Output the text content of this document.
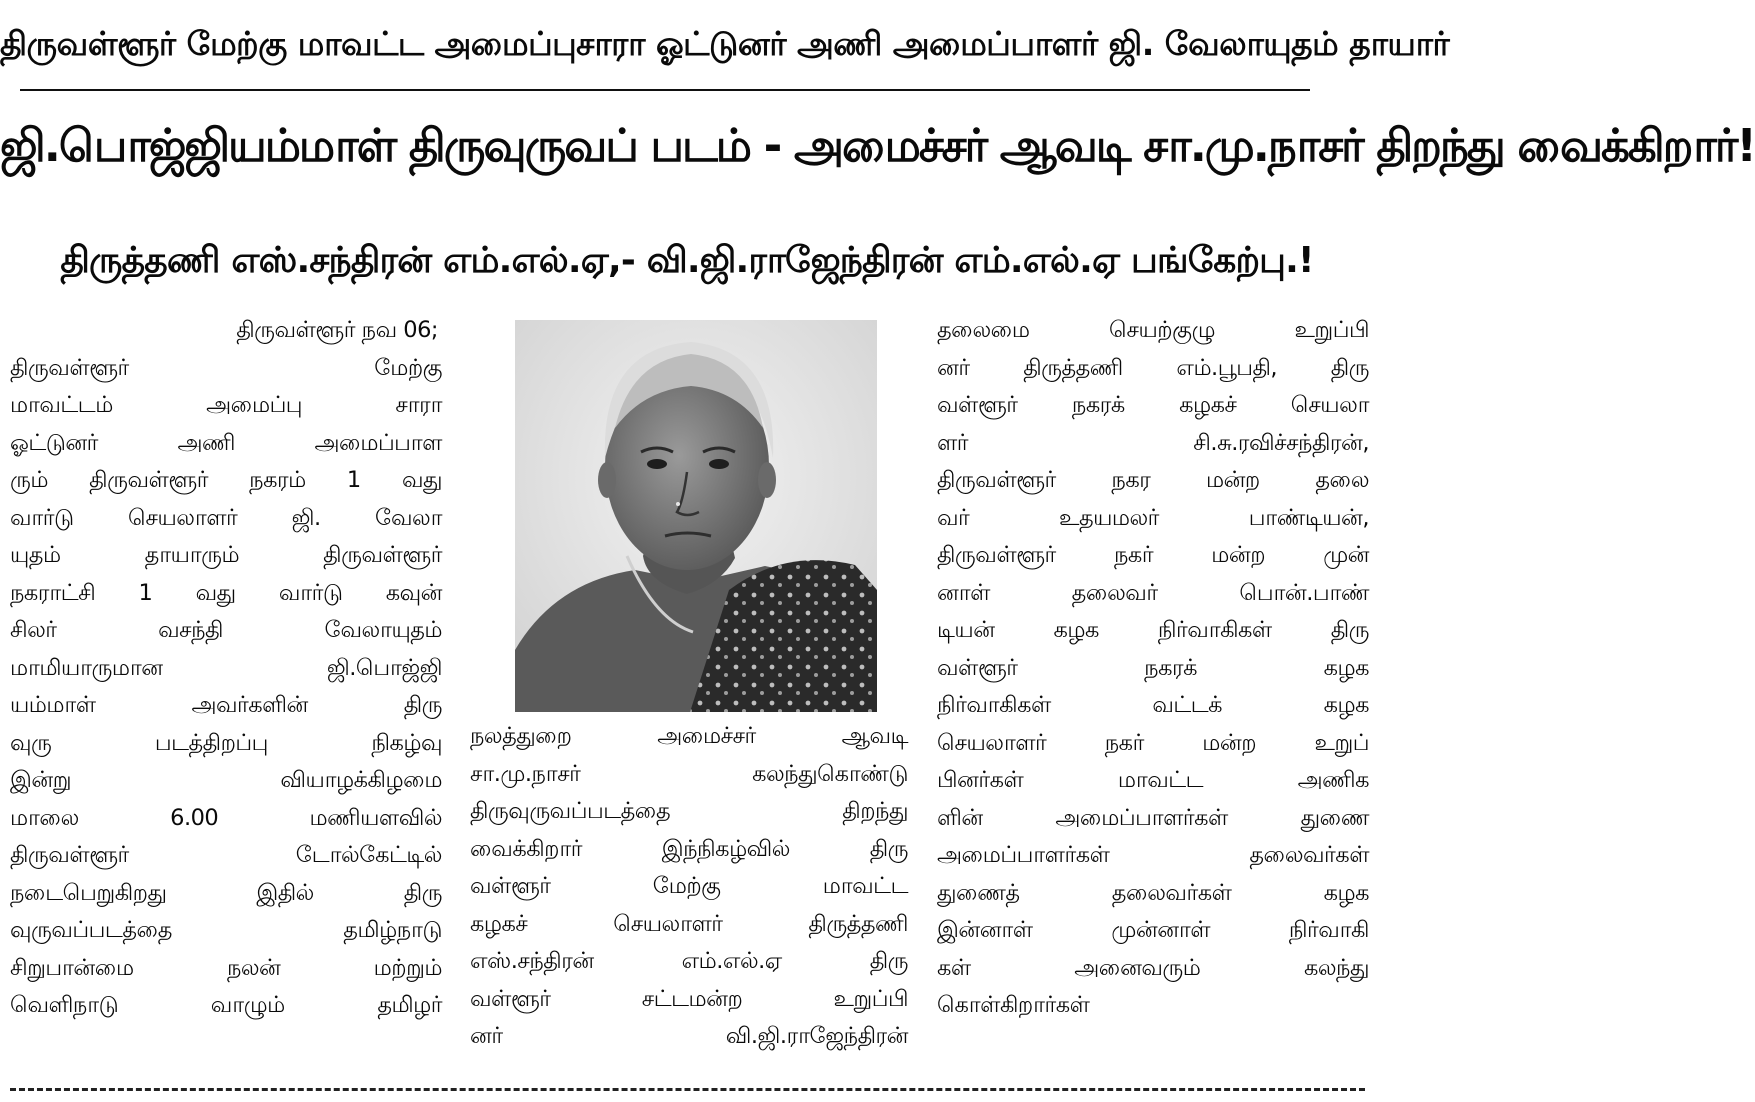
திருவள்ளூர் மேற்கு மாவட்ட அமைப்புசாரா ஓட்டுனர் அணி அமைப்பாளர் ஜி. வேலாயுதம் தாயார்
ஜி.பொஜ்ஜியம்மாள் திருவுருவப் படம் - அமைச்சர் ஆவடி சா.மு.நாசர் திறந்து வைக்கிறார்!
திருத்தணி எஸ்.சந்திரன் எம்.எல்.ஏ,- வி.ஜி.ராஜேந்திரன் எம்.எல்.ஏ பங்கேற்பு.!
திருவள்ளூர் நவ 06;
திருவள்ளூர் மேற்கு
மாவட்டம் அமைப்பு சாரா
ஓட்டுனர் அணி அமைப்பாள
ரும் திருவள்ளூர் நகரம் 1 வது
வார்டு செயலாளர் ஜி. வேலா
யுதம் தாயாரும் திருவள்ளூர்
நகராட்சி 1 வது வார்டு கவுன்
சிலர் வசந்தி வேலாயுதம்
மாமியாருமான ஜி.பொஜ்ஜி
யம்மாள் அவர்களின் திரு
வுரு படத்திறப்பு நிகழ்வு
இன்று வியாழக்கிழமை
மாலை 6.00 மணியளவில்
திருவள்ளூர் டோல்கேட்டில்
நடைபெறுகிறது இதில் திரு
வுருவப்படத்தை தமிழ்நாடு
சிறுபான்மை நலன் மற்றும்
வெளிநாடு வாழும் தமிழர்
நலத்துறை அமைச்சர் ஆவடி
சா.மு.நாசர் கலந்துகொண்டு
திருவுருவப்படத்தை திறந்து
வைக்கிறார் இந்நிகழ்வில் திரு
வள்ளூர் மேற்கு மாவட்ட
கழகச் செயலாளர் திருத்தணி
எஸ்.சந்திரன் எம்.எல்.ஏ திரு
வள்ளூர் சட்டமன்ற உறுப்பி
னர் வி.ஜி.ராஜேந்திரன்
தலைமை செயற்குழு உறுப்பி
னர் திருத்தணி எம்.பூபதி, திரு
வள்ளூர் நகரக் கழகச் செயலா
ளர் சி.சு.ரவிச்சந்திரன்,
திருவள்ளூர் நகர மன்ற தலை
வர் உதயமலர் பாண்டியன்,
திருவள்ளூர் நகர் மன்ற முன்
னாள் தலைவர் பொன்.பாண்
டியன் கழக நிர்வாகிகள் திரு
வள்ளூர் நகரக் கழக
நிர்வாகிகள் வட்டக் கழக
செயலாளர் நகர் மன்ற உறுப்
பினர்கள் மாவட்ட அணிக
ளின் அமைப்பாளர்கள் துணை
அமைப்பாளர்கள் தலைவர்கள்
துணைத் தலைவர்கள் கழக
இன்னாள் முன்னாள் நிர்வாகி
கள் அனைவரும் கலந்து
கொள்கிறார்கள்
